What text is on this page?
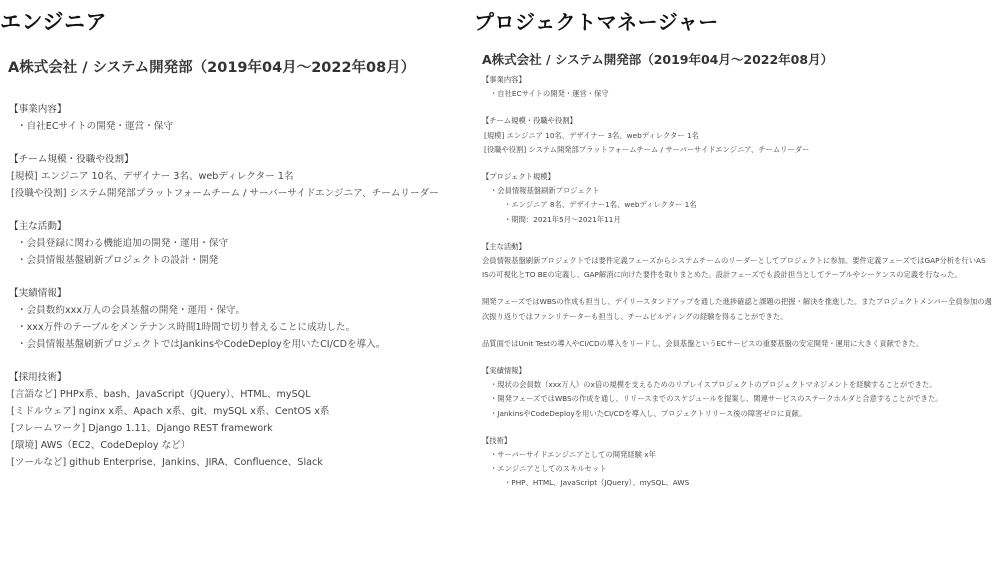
エンジニア
A株式会社 / システム開発部（2019年04月〜2022年08月）
【事業内容】
・自社ECサイトの開発・運営・保守
【チーム規模・役職や役割】
[規模] エンジニア 10名、デザイナー 3名、webディレクター 1名
[役職や役割] システム開発部プラットフォームチーム / サーバーサイドエンジニア、チームリーダー
【主な活動】
・会員登録に関わる機能追加の開発・運用・保守
・会員情報基盤刷新プロジェクトの設計・開発
【実績情報】
・会員数約xxx万人の会員基盤の開発・運用・保守。
・xxx万件のテーブルをメンテナンス時間1時間で切り替えることに成功した。
・会員情報基盤刷新プロジェクトではJankinsやCodeDeployを用いたCI/CDを導入。
【採用技術】
[言語など] PHPx系、bash、JavaScript（JQuery）、HTML、mySQL
[ミドルウェア] nginx x系、Apach x系、git、mySQL x系、CentOS x系
[フレームワーク] Django 1.11、Django REST framework
[環境] AWS（EC2、CodeDeploy など）
[ツールなど] github Enterprise、Jankins、JIRA、Confluence、Slack
プロジェクトマネージャー
A株式会社 / システム開発部（2019年04月〜2022年08月）
【事業内容】
・自社ECサイトの開発・運営・保守
【チーム規模・役職や役割】
[規模] エンジニア 10名、デザイナー 3名、webディレクター 1名
[役職や役割] システム開発部プラットフォームチーム / サーバーサイドエンジニア、チームリーダー
【プロジェクト規模】
・会員情報基盤刷新プロジェクト
・エンジニア 8名、デザイナー1名、webディレクター 1名
・期間：2021年5月〜2021年11月
【主な活動】
会員情報基盤刷新プロジェクトでは要件定義フェーズからシステムチームのリーダーとしてプロジェクトに参加。要件定義フェーズではGAP分析を行いAS ISの可視化とTO BEの定義し、GAP解消に向けた要件を取りまとめた。設計フェーズでも設計担当としてテーブルやシーケンスの定義を行なった。
開発フェーズではWBSの作成も担当し、デイリースタンドアップを通した進捗確認と課題の把握・解決を推進した。またプロジェクトメンバー全員参加の週次振り返りではファシリテーターも担当し、チームビルディングの経験を得ることができた。
品質面ではUnit Testの導入やCI/CDの導入をリードし、会員基盤というECサービスの重要基盤の安定開発・運用に大きく貢献できた。
【実績情報】
・現状の会員数（xxx万人）のx倍の規模を支えるためのリプレイスプロジェクトのプロジェクトマネジメントを経験することができた。
・開発フェーズではWBSの作成を通し、リリースまでのスケジュールを提案し、関連サービスのステークホルダと合意することができた。
・JankinsやCodeDeployを用いたCI/CDを導入し、プロジェクトリリース後の障害ゼロに貢献。
【技術】
・サーバーサイドエンジニアとしての開発経験 x年
・エンジニアとしてのスキルセット
・PHP、HTML、JavaScript（JQuery）、mySQL、AWS
